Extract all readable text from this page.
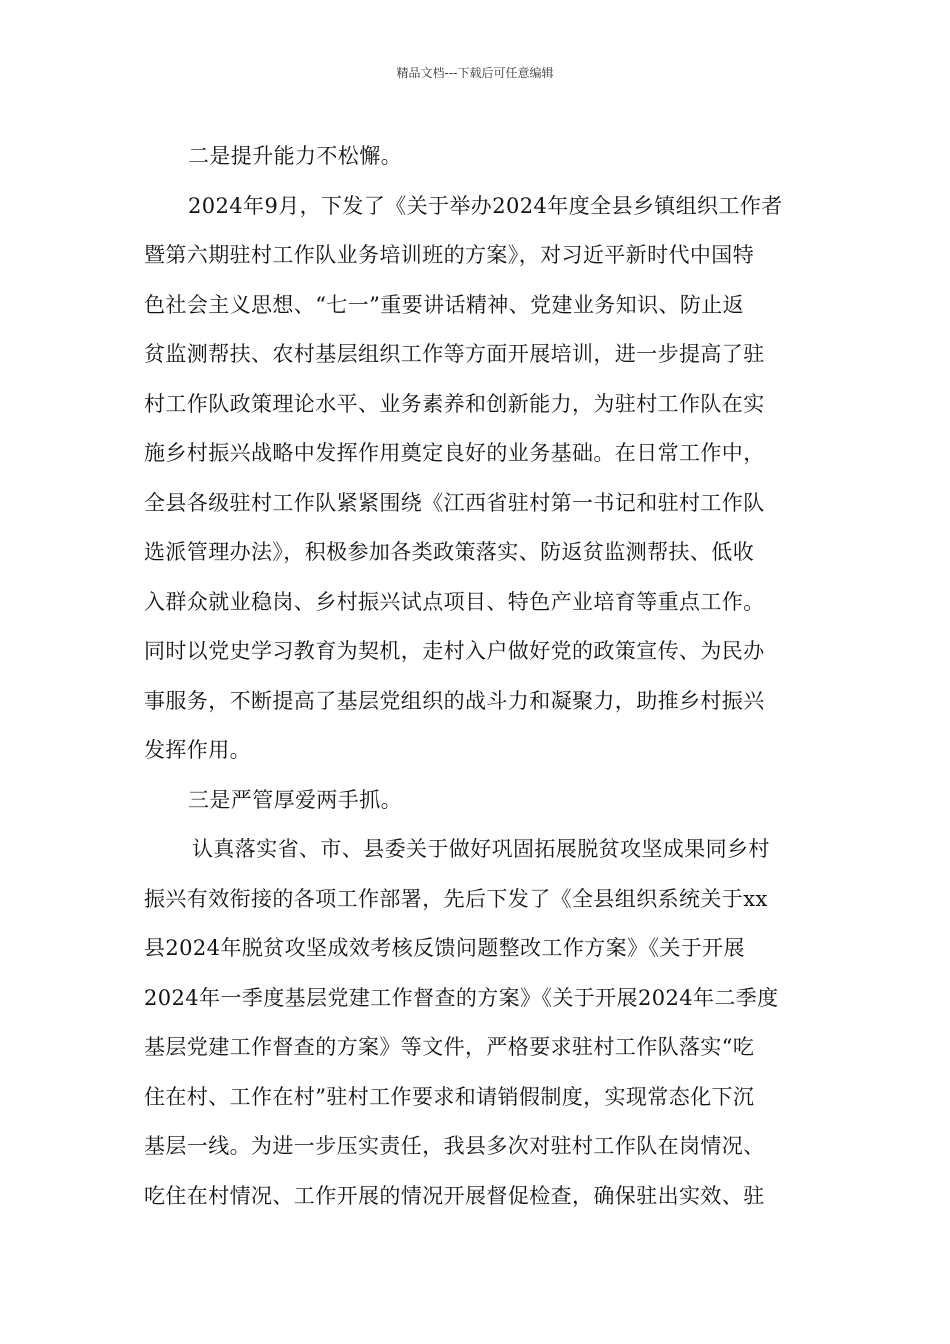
精品文档---下载后可任意编辑
二是提升能力不松懈。
2024年9月，下发了《关于举办2024年度全县乡镇组织工作者
暨第六期驻村工作队业务培训班的方案》，对习近平新时代中国特
色社会主义思想、“七一”重要讲话精神、党建业务知识、防止返
贫监测帮扶、农村基层组织工作等方面开展培训，进一步提高了驻
村工作队政策理论水平、业务素养和创新能力，为驻村工作队在实
施乡村振兴战略中发挥作用奠定良好的业务基础。在日常工作中，
全县各级驻村工作队紧紧围绕《江西省驻村第一书记和驻村工作队
选派管理办法》，积极参加各类政策落实、防返贫监测帮扶、低收
入群众就业稳岗、乡村振兴试点项目、特色产业培育等重点工作。
同时以党史学习教育为契机，走村入户做好党的政策宣传、为民办
事服务，不断提高了基层党组织的战斗力和凝聚力，助推乡村振兴
发挥作用。
三是严管厚爱两手抓。
认真落实省、市、县委关于做好巩固拓展脱贫攻坚成果同乡村
振兴有效衔接的各项工作部署，先后下发了《全县组织系统关于xx
县2024年脱贫攻坚成效考核反馈问题整改工作方案》《关于开展
2024年一季度基层党建工作督查的方案》《关于开展2024年二季度
基层党建工作督查的方案》等文件，严格要求驻村工作队落实“吃
住在村、工作在村”驻村工作要求和请销假制度，实现常态化下沉
基层一线。为进一步压实责任，我县多次对驻村工作队在岗情况、
吃住在村情况、工作开展的情况开展督促检查，确保驻出实效、驻
